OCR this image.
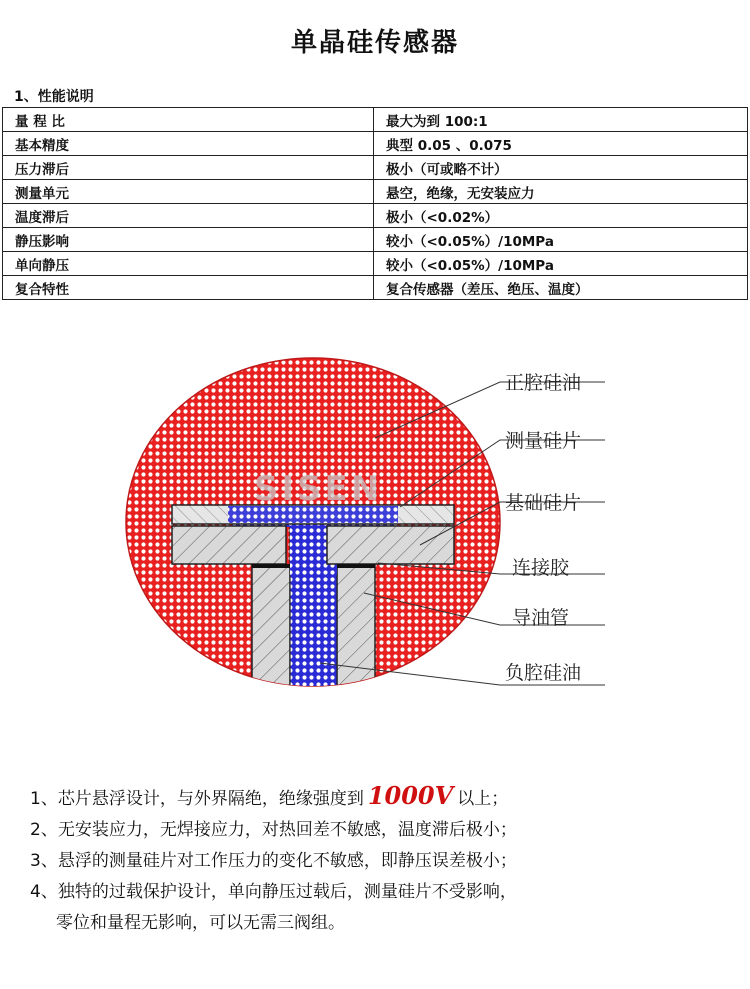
单晶硅传感器
1、性能说明
量 程 比	最大为到 100:1
基本精度	典型 0.05 、0.075
压力滞后	极小（可或略不计）
测量单元	悬空，绝缘，无安装应力
温度滞后	极小（<0.02%）
静压影响	较小（<0.05%）/10MPa
单向静压	较小（<0.05%）/10MPa
复合特性	复合传感器（差压、绝压、温度）
SISEN
正腔硅油
测量硅片
基础硅片
连接胶
导油管
负腔硅油
1、芯片悬浮设计，与外界隔绝，绝缘强度到 1000V 以上；
2、无安装应力，无焊接应力，对热回差不敏感，温度滞后极小；
3、悬浮的测量硅片对工作压力的变化不敏感，即静压误差极小；
4、独特的过载保护设计，单向静压过载后，测量硅片不受影响，
零位和量程无影响，可以无需三阀组。
